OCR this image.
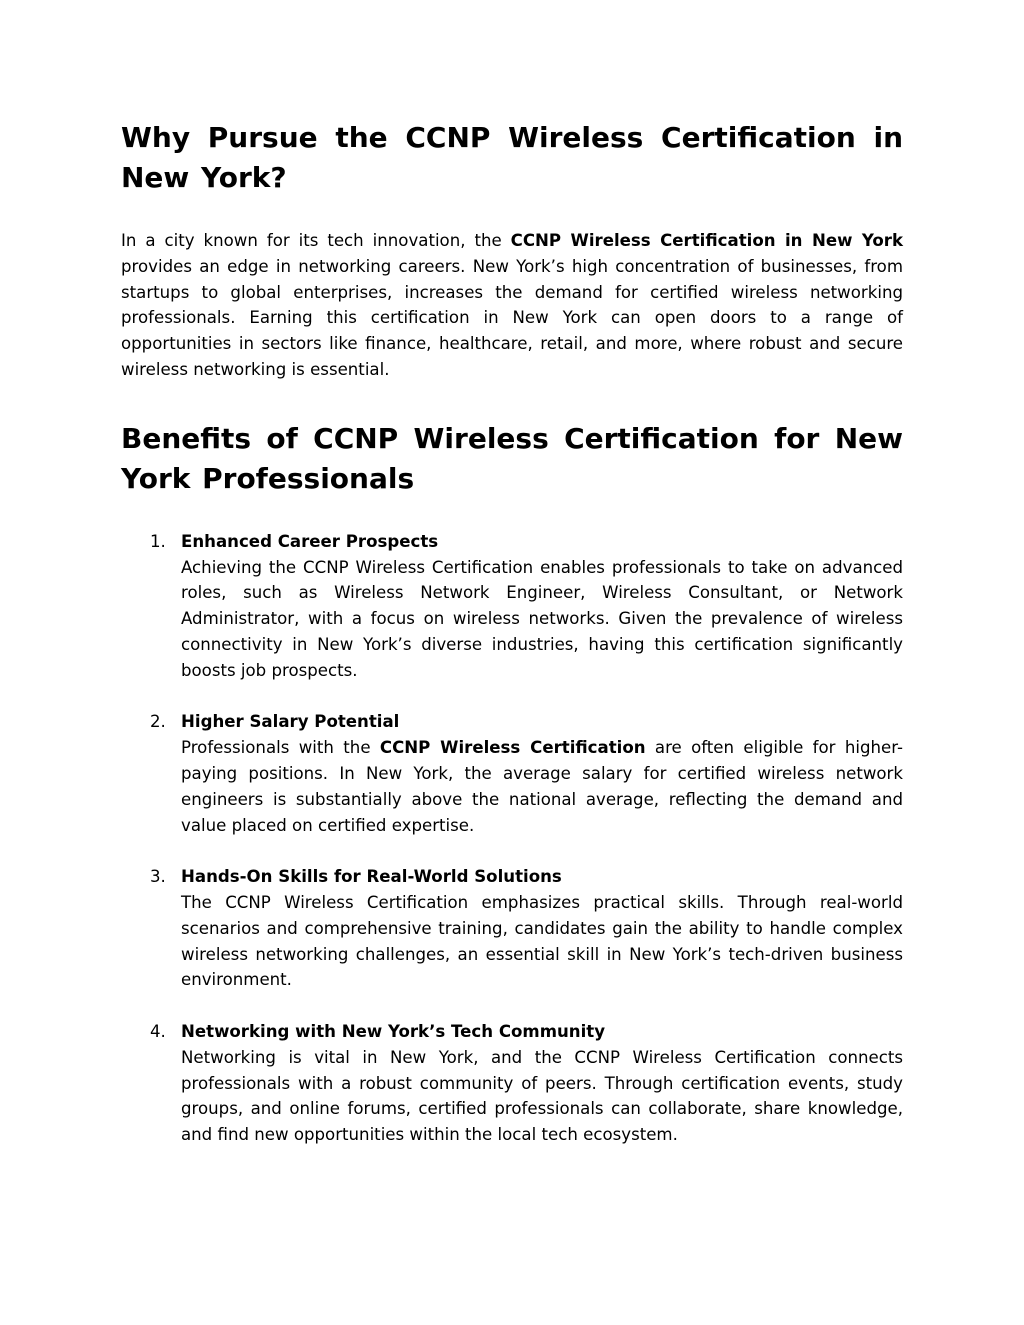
Why Pursue the CCNP Wireless Certification in New York?

In a city known for its tech innovation, the CCNP Wireless Certification in New York provides an edge in networking careers. New York’s high concentration of businesses, from startups to global enterprises, increases the demand for certified wireless networking professionals. Earning this certification in New York can open doors to a range of opportunities in sectors like finance, healthcare, retail, and more, where robust and secure wireless networking is essential.

Benefits of CCNP Wireless Certification for New York Professionals
1. Enhanced Career Prospects
Achieving the CCNP Wireless Certification enables professionals to take on advanced roles, such as Wireless Network Engineer, Wireless Consultant, or Network Administrator, with a focus on wireless networks. Given the prevalence of wireless connectivity in New York’s diverse industries, having this certification significantly boosts job prospects.
2. Higher Salary Potential
Professionals with the CCNP Wireless Certification are often eligible for higher-paying positions. In New York, the average salary for certified wireless network engineers is substantially above the national average, reflecting the demand and value placed on certified expertise.
3. Hands-On Skills for Real-World Solutions
The CCNP Wireless Certification emphasizes practical skills. Through real-world scenarios and comprehensive training, candidates gain the ability to handle complex wireless networking challenges, an essential skill in New York’s tech-driven business environment.
4. Networking with New York’s Tech Community
Networking is vital in New York, and the CCNP Wireless Certification connects professionals with a robust community of peers. Through certification events, study groups, and online forums, certified professionals can collaborate, share knowledge, and find new opportunities within the local tech ecosystem.
